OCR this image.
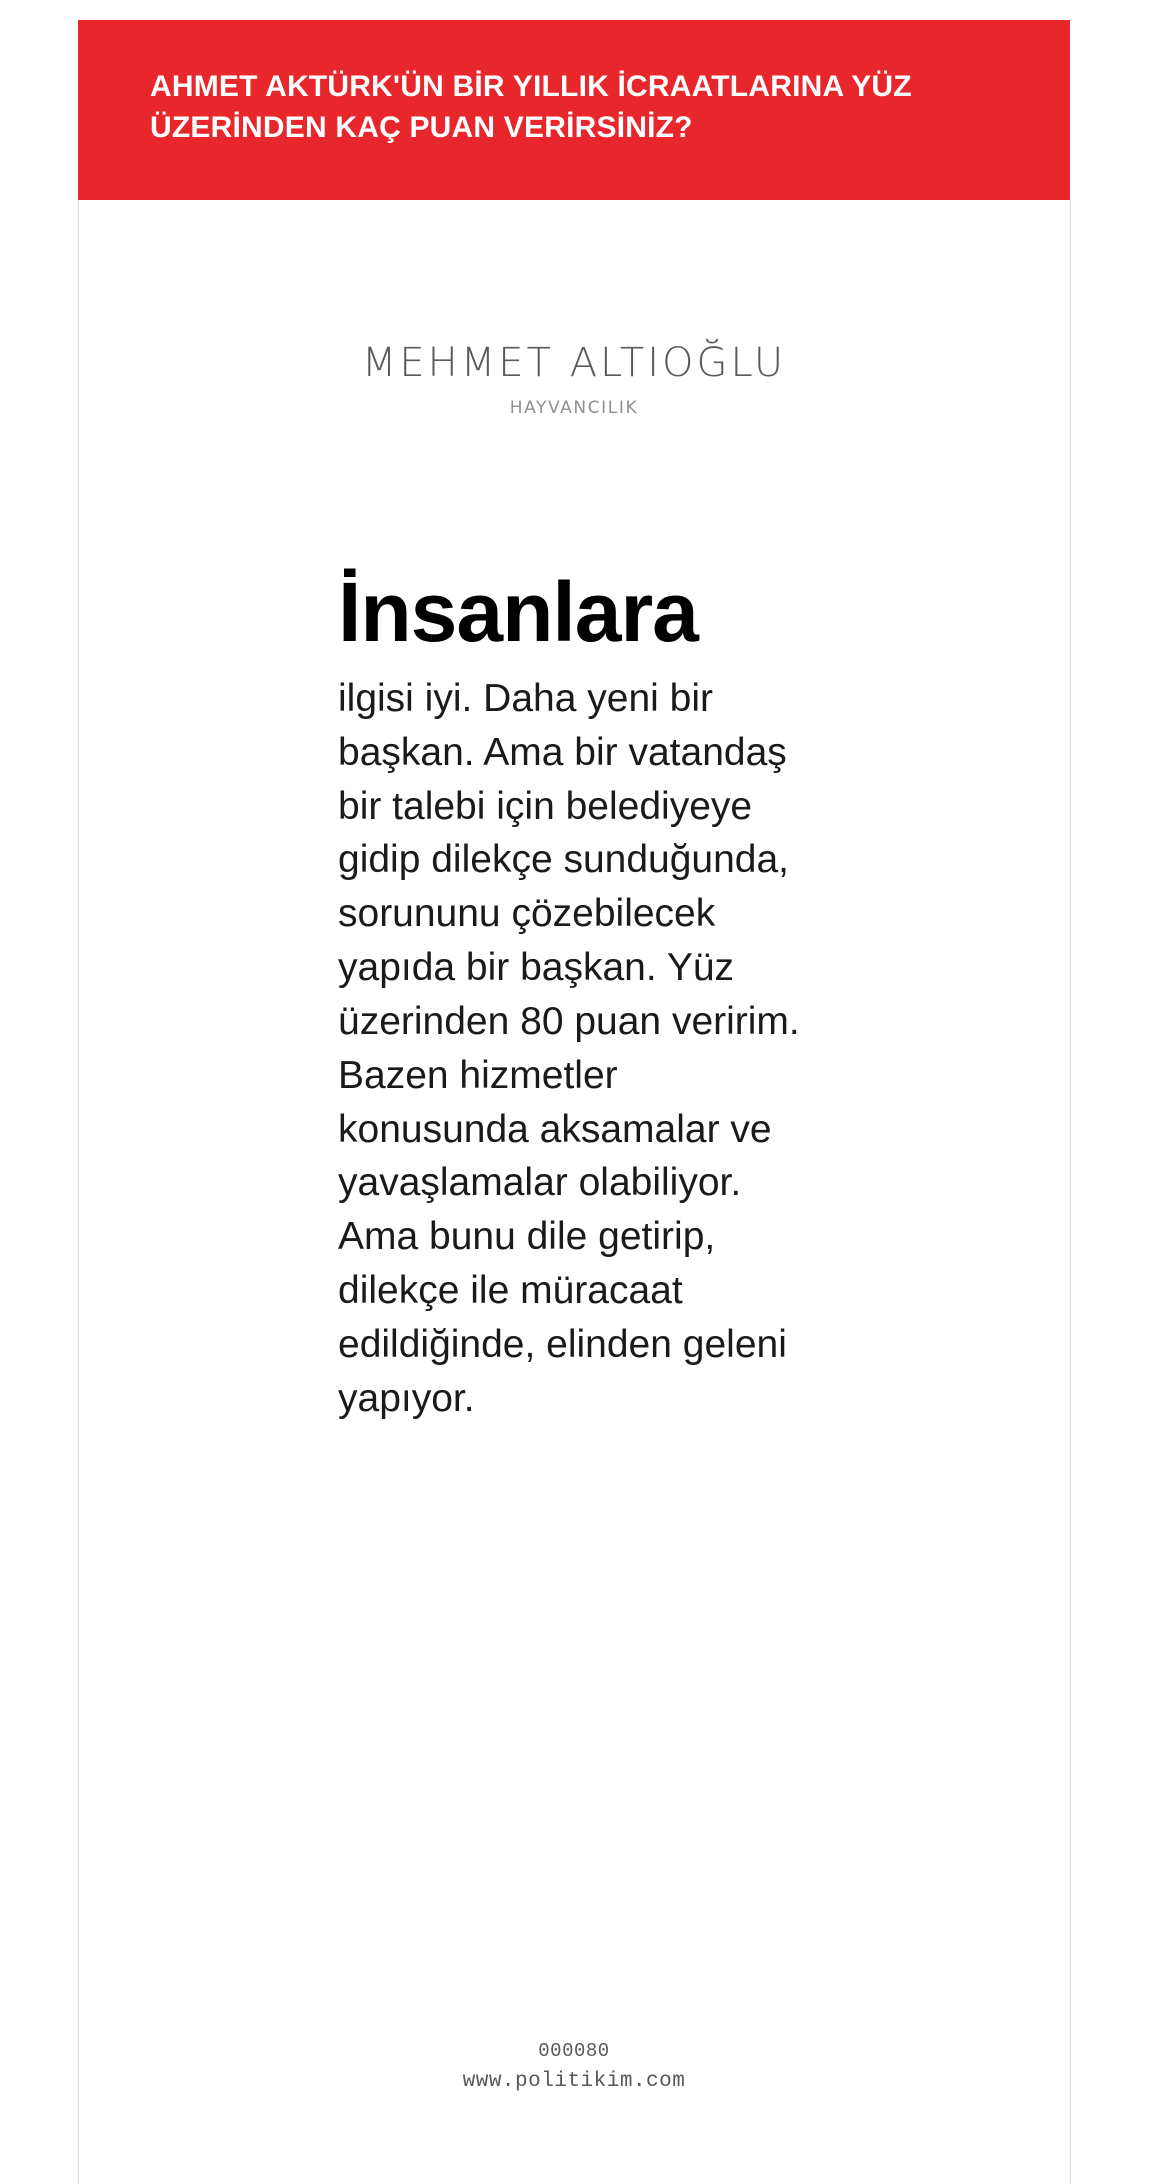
AHMET AKTÜRK'ÜN BİR YILLIK İCRAATLARINA YÜZ ÜZERİNDEN KAÇ PUAN VERİRSİNİZ?

MEHMET ALTIOĞLU

HAYVANCILIK

İnsanlara

ilgisi iyi. Daha yeni bir başkan. Ama bir vatandaş bir talebi için belediyeye gidip dilekçe sunduğunda, sorununu çözebilecek yapıda bir başkan. Yüz üzerinden 80 puan veririm. Bazen hizmetler konusunda aksamalar ve yavaşlamalar olabiliyor. Ama bunu dile getirip, dilekçe ile müracaat edildiğinde, elinden geleni yapıyor.

000080

www.politikim.com
